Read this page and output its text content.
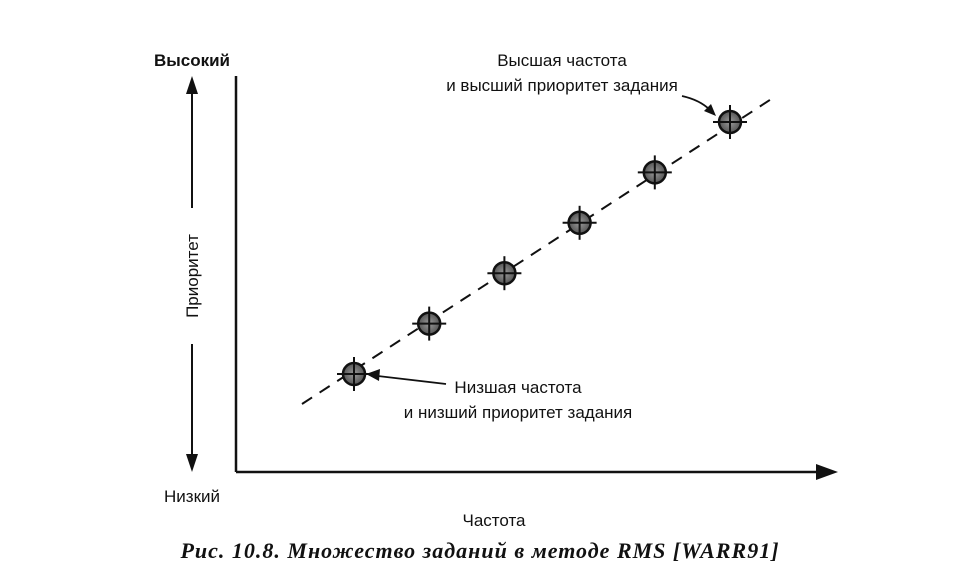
Высокий
Низкий
Приоритет
Частота
Высшая частота
и высший приоритет задания
Низшая частота
и низший приоритет задания
Рис. 10.8. Множество заданий в методе RMS [WARR91]
